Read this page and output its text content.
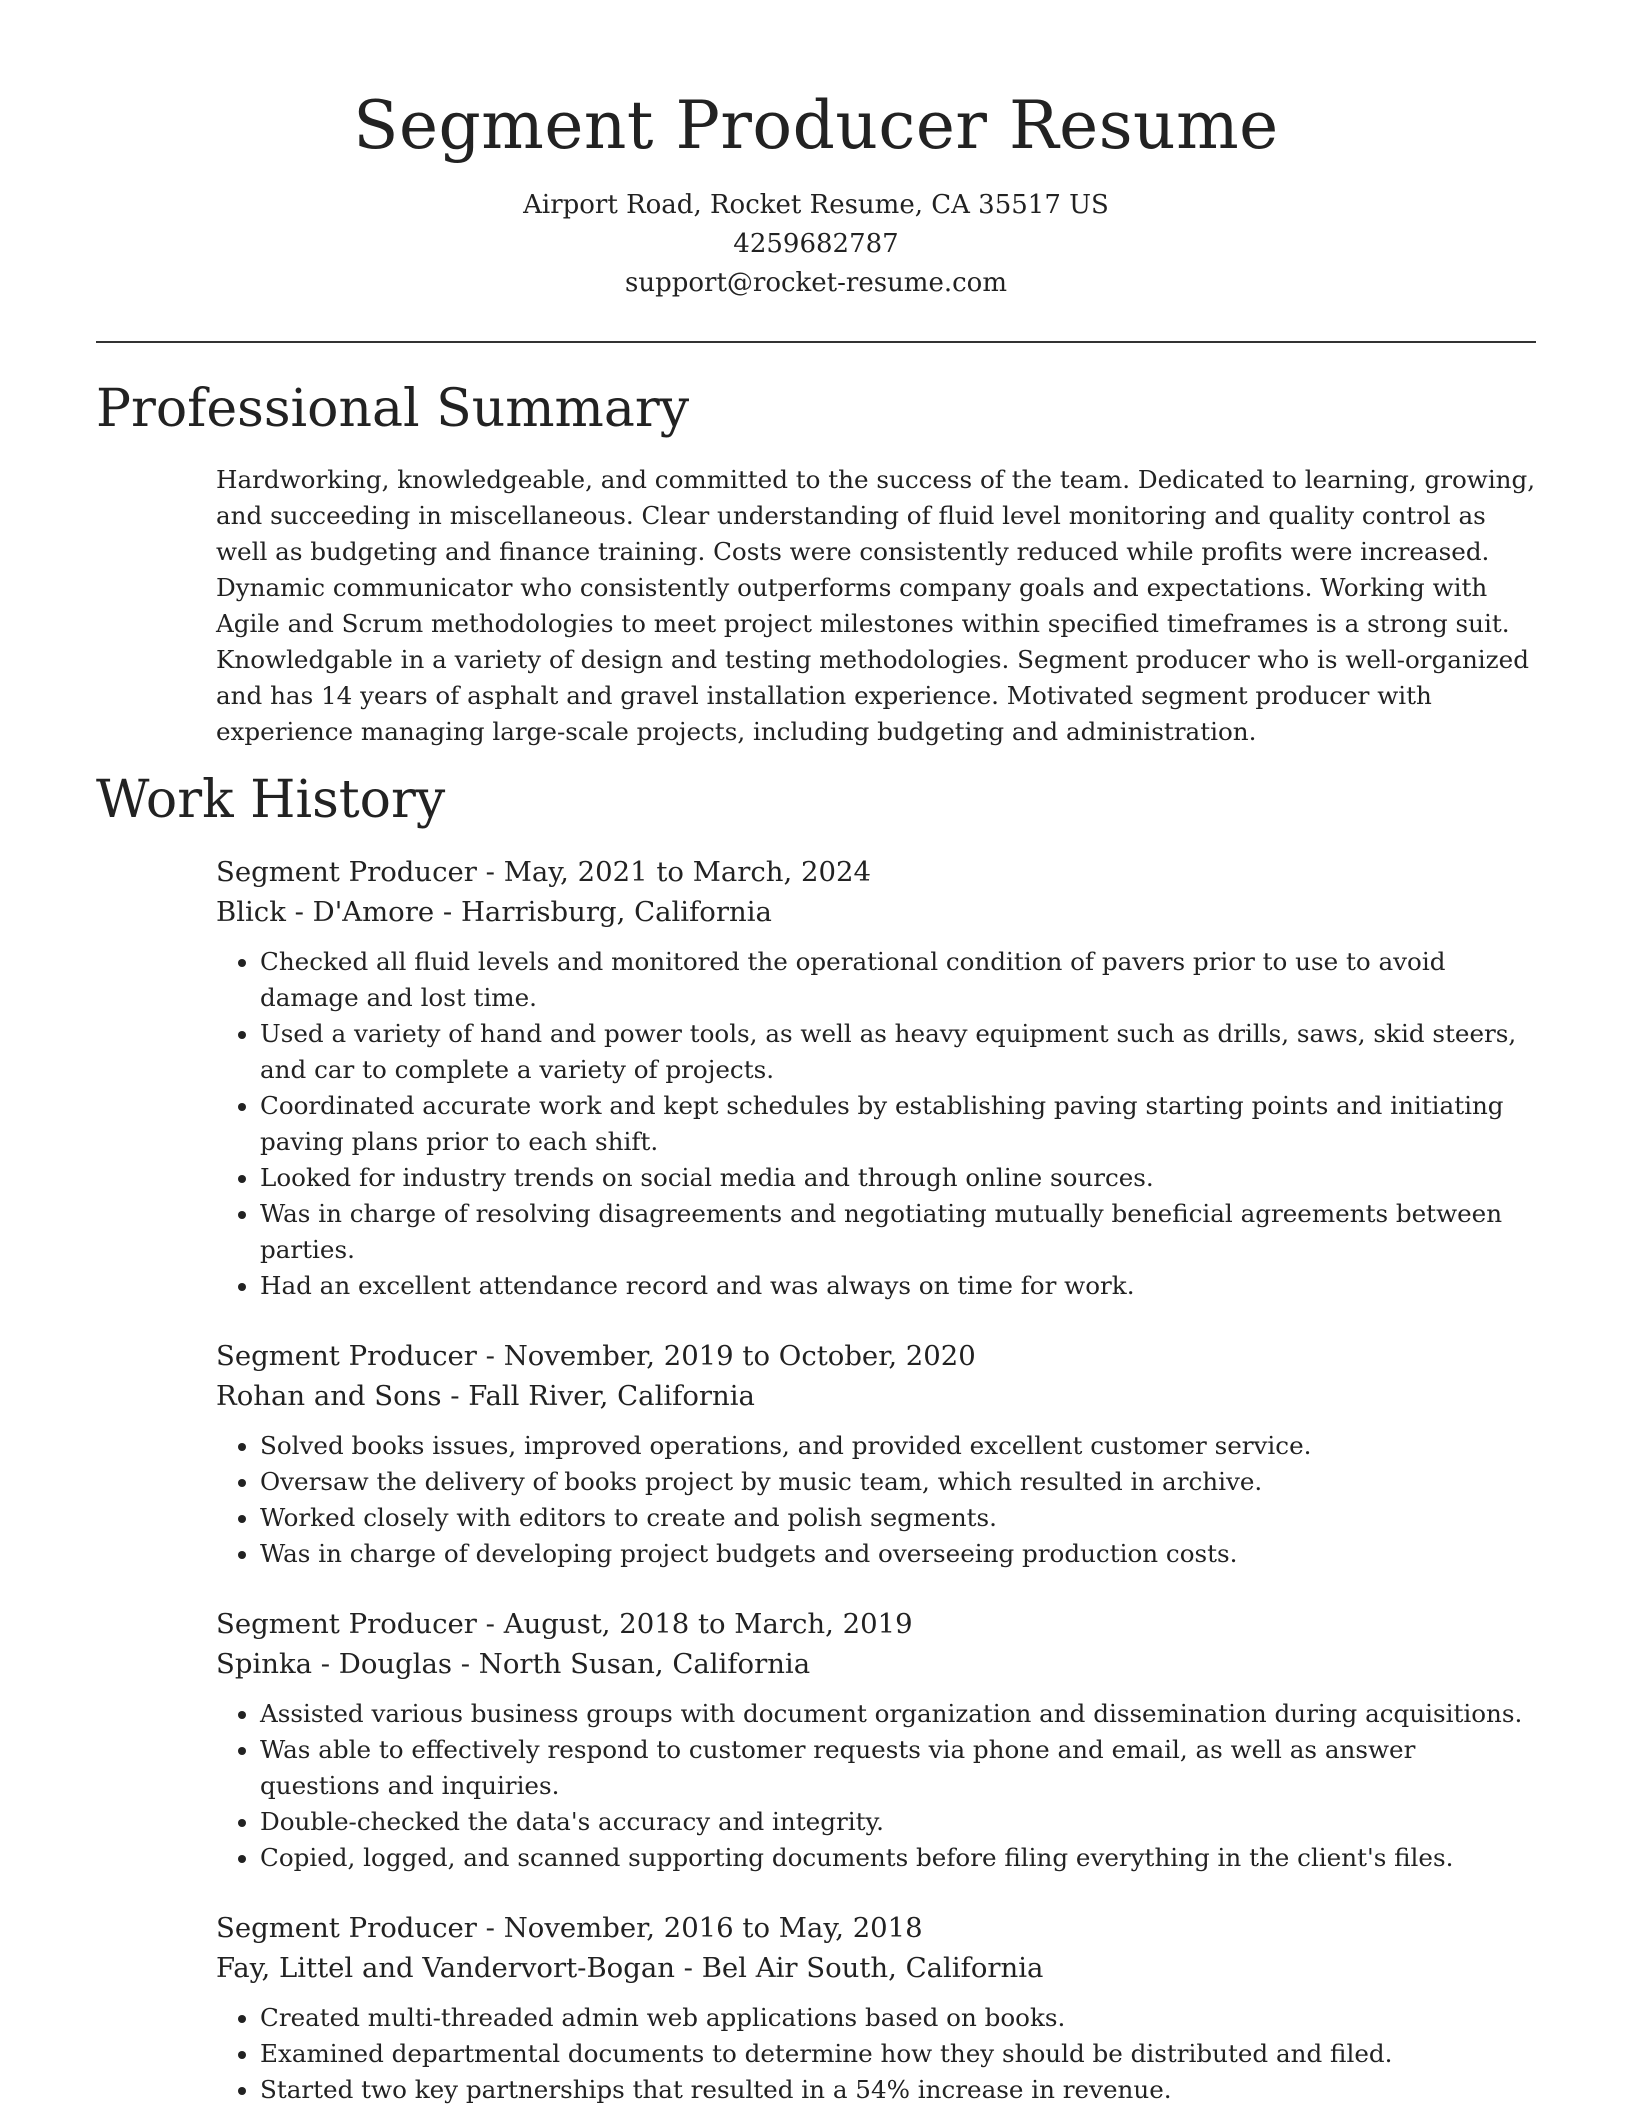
Segment Producer Resume

Airport Road, Rocket Resume, CA 35517 US

4259682787

support@rocket-resume.com

Professional Summary

Hardworking, knowledgeable, and committed to the success of the team. Dedicated to learning, growing, and succeeding in miscellaneous. Clear understanding of fluid level monitoring and quality control as well as budgeting and finance training. Costs were consistently reduced while profits were increased. Dynamic communicator who consistently outperforms company goals and expectations. Working with Agile and Scrum methodologies to meet project milestones within specified timeframes is a strong suit. Knowledgable in a variety of design and testing methodologies. Segment producer who is well-organized and has 14 years of asphalt and gravel installation experience. Motivated segment producer with experience managing large-scale projects, including budgeting and administration.

Work History

Segment Producer - May, 2021 to March, 2024

Blick - D'Amore - Harrisburg, California

• Checked all fluid levels and monitored the operational condition of pavers prior to use to avoid damage and lost time.
• Used a variety of hand and power tools, as well as heavy equipment such as drills, saws, skid steers, and car to complete a variety of projects.
• Coordinated accurate work and kept schedules by establishing paving starting points and initiating paving plans prior to each shift.
• Looked for industry trends on social media and through online sources.
• Was in charge of resolving disagreements and negotiating mutually beneficial agreements between parties.
• Had an excellent attendance record and was always on time for work.

Segment Producer - November, 2019 to October, 2020

Rohan and Sons - Fall River, California

• Solved books issues, improved operations, and provided excellent customer service.
• Oversaw the delivery of books project by music team, which resulted in archive.
• Worked closely with editors to create and polish segments.
• Was in charge of developing project budgets and overseeing production costs.

Segment Producer - August, 2018 to March, 2019

Spinka - Douglas - North Susan, California

• Assisted various business groups with document organization and dissemination during acquisitions.
• Was able to effectively respond to customer requests via phone and email, as well as answer questions and inquiries.
• Double-checked the data's accuracy and integrity.
• Copied, logged, and scanned supporting documents before filing everything in the client's files.

Segment Producer - November, 2016 to May, 2018

Fay, Littel and Vandervort-Bogan - Bel Air South, California

• Created multi-threaded admin web applications based on books.
• Examined departmental documents to determine how they should be distributed and filed.
• Started two key partnerships that resulted in a 54% increase in revenue.
